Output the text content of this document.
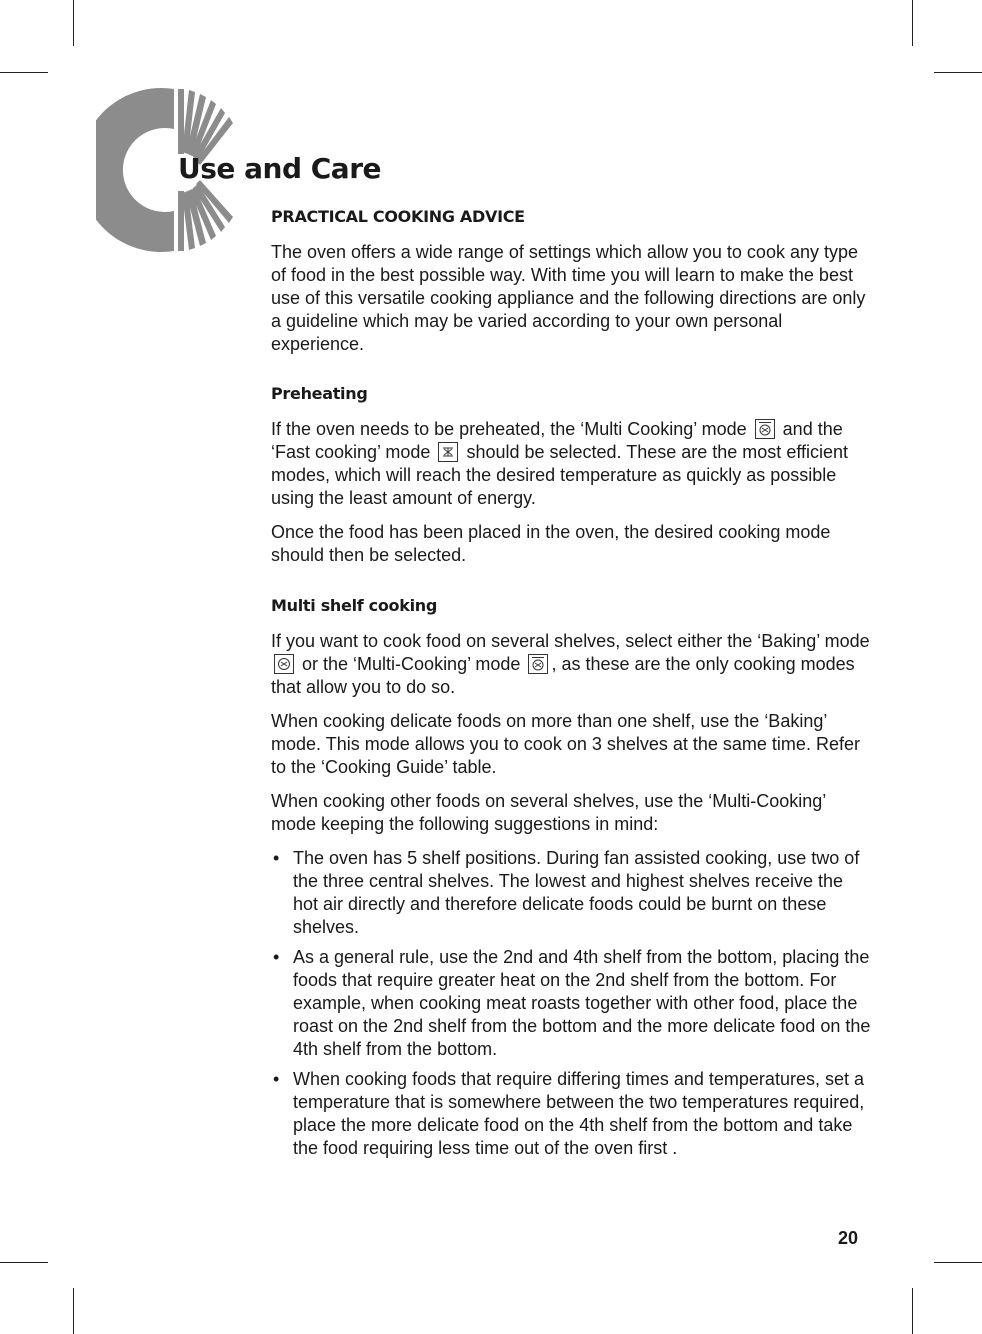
Use and Care
PRACTICAL COOKING ADVICE

The oven offers a wide range of settings which allow you to cook any type of food in the best possible way. With time you will learn to make the best use of this versatile cooking appliance and the following directions are only a guideline which may be varied according to your own personal experience.

Preheating

If the oven needs to be preheated, the ‘Multi Cooking’ mode and the ‘Fast cooking’ mode should be selected. These are the most efficient modes, which will reach the desired temperature as quickly as possible using the least amount of energy.

Once the food has been placed in the oven, the desired cooking mode should then be selected.

Multi shelf cooking

If you want to cook food on several shelves, select either the ‘Baking’ mode
or the ‘Multi-Cooking’ mode , as these are the only cooking modes that allow you to do so.

When cooking delicate foods on more than one shelf, use the ‘Baking’ mode. This mode allows you to cook on 3 shelves at the same time. Refer to the ‘Cooking Guide’ table.

When cooking other foods on several shelves, use the ‘Multi-Cooking’ mode keeping the following suggestions in mind:

• The oven has 5 shelf positions. During fan assisted cooking, use two of the three central shelves. The lowest and highest shelves receive the hot air directly and therefore delicate foods could be burnt on these shelves.
• As a general rule, use the 2nd and 4th shelf from the bottom, placing the foods that require greater heat on the 2nd shelf from the bottom. For example, when cooking meat roasts together with other food, place the roast on the 2nd shelf from the bottom and the more delicate food on the 4th shelf from the bottom.
• When cooking foods that require differing times and temperatures, set a temperature that is somewhere between the two temperatures required, place the more delicate food on the 4th shelf from the bottom and take the food requiring less time out of the oven first .
20
